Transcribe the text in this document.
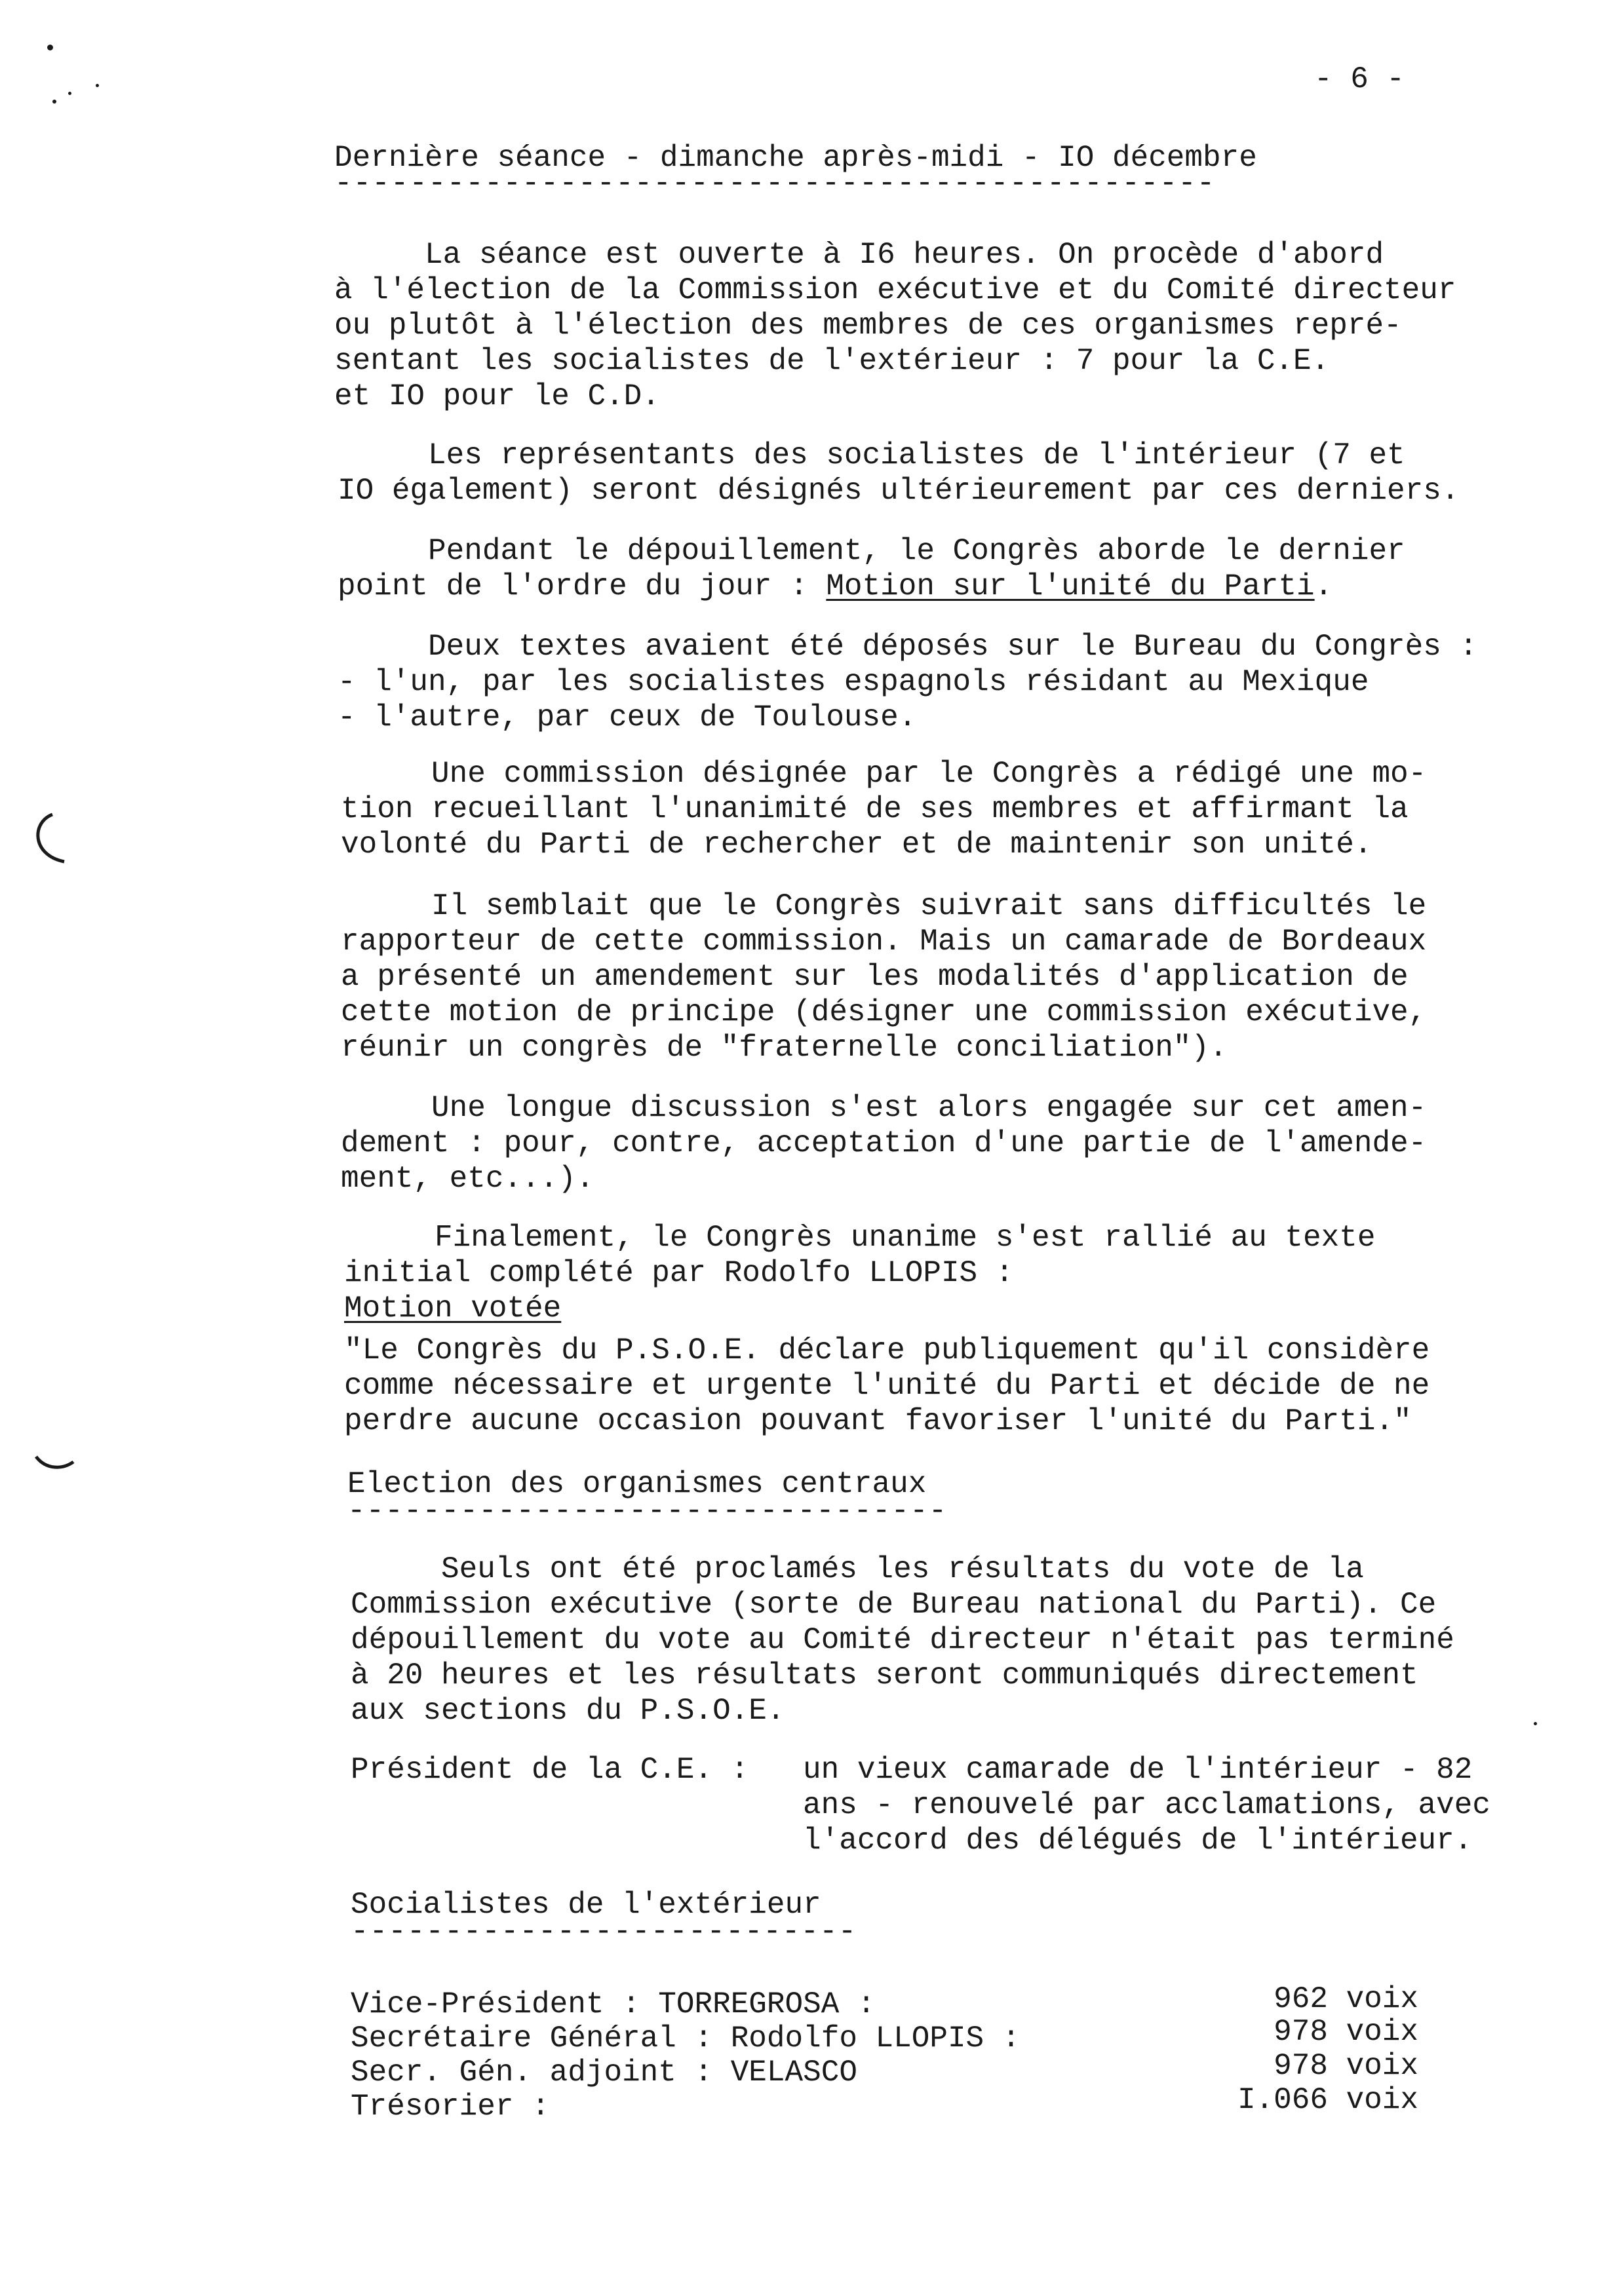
- 6 -
Dernière séance - dimanche après-midi - IO décembre
-----------------------------------------------
La séance est ouverte à I6 heures. On procède d'abord
à l'élection de la Commission exécutive et du Comité directeur
ou plutôt à l'élection des membres de ces organismes repré-
sentant les socialistes de l'extérieur : 7 pour la C.E.
et IO pour le C.D.
Les représentants des socialistes de l'intérieur (7 et
IO également) seront désignés ultérieurement par ces derniers.
Pendant le dépouillement, le Congrès aborde le dernier
point de l'ordre du jour : Motion sur l'unité du Parti.
Deux textes avaient été déposés sur le Bureau du Congrès :
- l'un, par les socialistes espagnols résidant au Mexique
- l'autre, par ceux de Toulouse.
Une commission désignée par le Congrès a rédigé une mo-
tion recueillant l'unanimité de ses membres et affirmant la
volonté du Parti de rechercher et de maintenir son unité.
Il semblait que le Congrès suivrait sans difficultés le
rapporteur de cette commission. Mais un camarade de Bordeaux
a présenté un amendement sur les modalités d'application de
cette motion de principe (désigner une commission exécutive,
réunir un congrès de "fraternelle conciliation").
Une longue discussion s'est alors engagée sur cet amen-
dement : pour, contre, acceptation d'une partie de l'amende-
ment, etc...).
Finalement, le Congrès unanime s'est rallié au texte
initial complété par Rodolfo LLOPIS :
Motion votée
"Le Congrès du P.S.O.E. déclare publiquement qu'il considère
comme nécessaire et urgente l'unité du Parti et décide de ne
perdre aucune occasion pouvant favoriser l'unité du Parti."
Election des organismes centraux
--------------------------------
Seuls ont été proclamés les résultats du vote de la
Commission exécutive (sorte de Bureau national du Parti). Ce
dépouillement du vote au Comité directeur n'était pas terminé
à 20 heures et les résultats seront communiqués directement
aux sections du P.S.O.E.
Président de la C.E. : un vieux camarade de l'intérieur - 82
ans - renouvelé par acclamations, avec
l'accord des délégués de l'intérieur.
Socialistes de l'extérieur
---------------------------
Vice-Président : TORREGROSA :	962 voix
Secrétaire Général : Rodolfo LLOPIS :	978 voix
Secr. Gén. adjoint : VELASCO	978 voix
Trésorier :	I.066 voix
